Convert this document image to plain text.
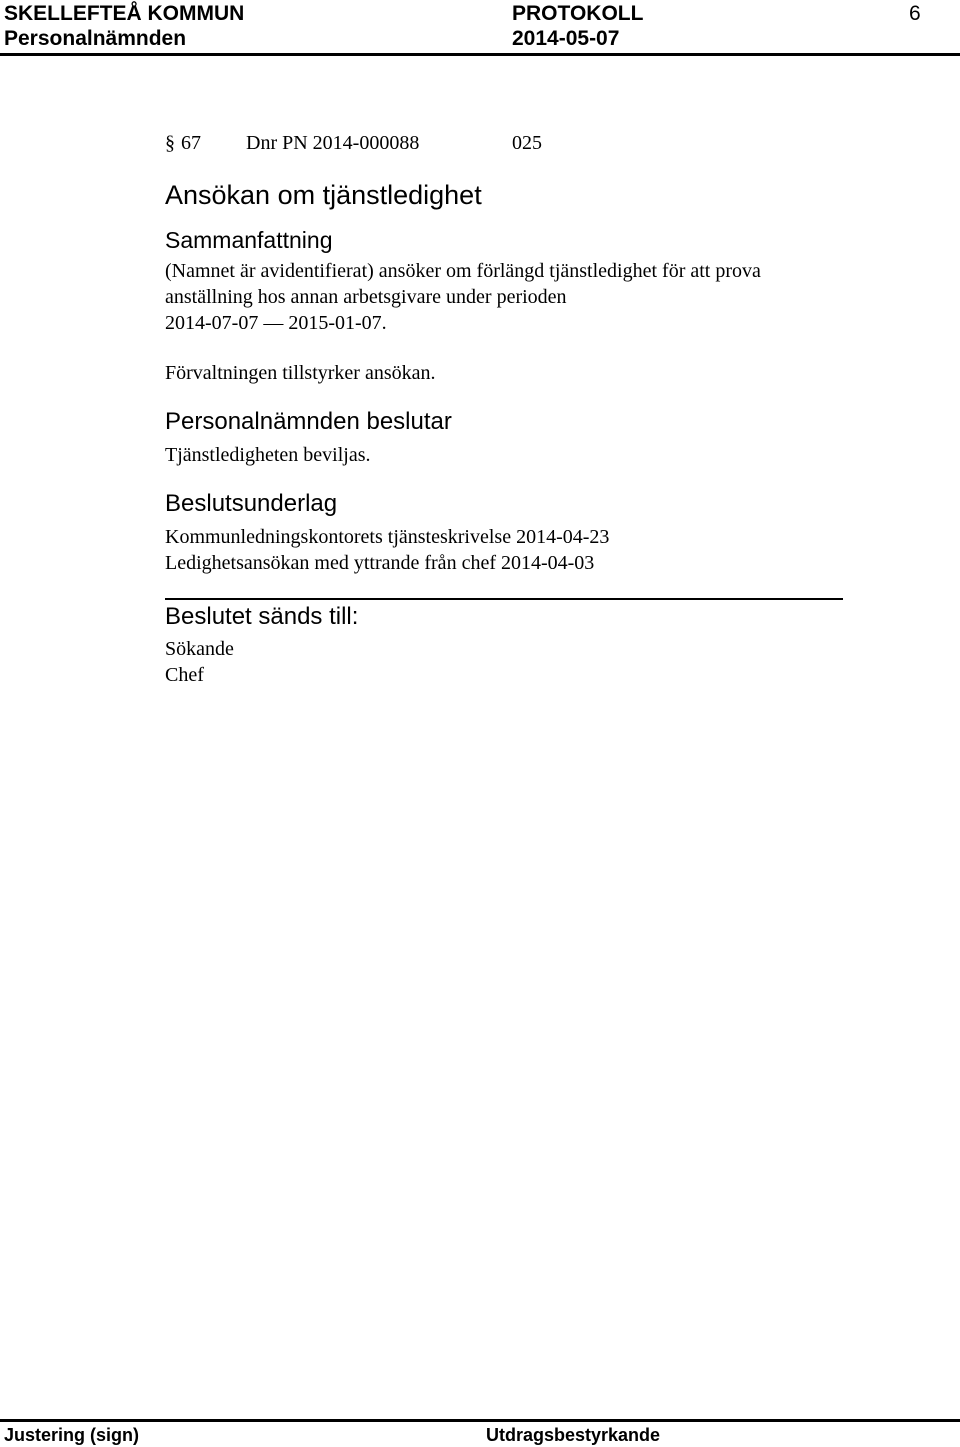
SKELLEFTEÅ KOMMUN	PROTOKOLL	6
Personalnämnden	2014-05-07
§ 67 Dnr PN 2014-000088	025
Ansökan om tjänstledighet
Sammanfattning
(Namnet är avidentifierat) ansöker om förlängd tjänstledighet för att prova
anställning hos annan arbetsgivare under perioden
2014-07-07 — 2015-01-07.
Förvaltningen tillstyrker ansökan.
Personalnämnden beslutar
Tjänstledigheten beviljas.
Beslutsunderlag
Kommunledningskontorets tjänsteskrivelse 2014-04-23
Ledighetsansökan med yttrande från chef 2014-04-03
Beslutet sänds till:
Sökande
Chef
Justering (sign)	Utdragsbestyrkande
